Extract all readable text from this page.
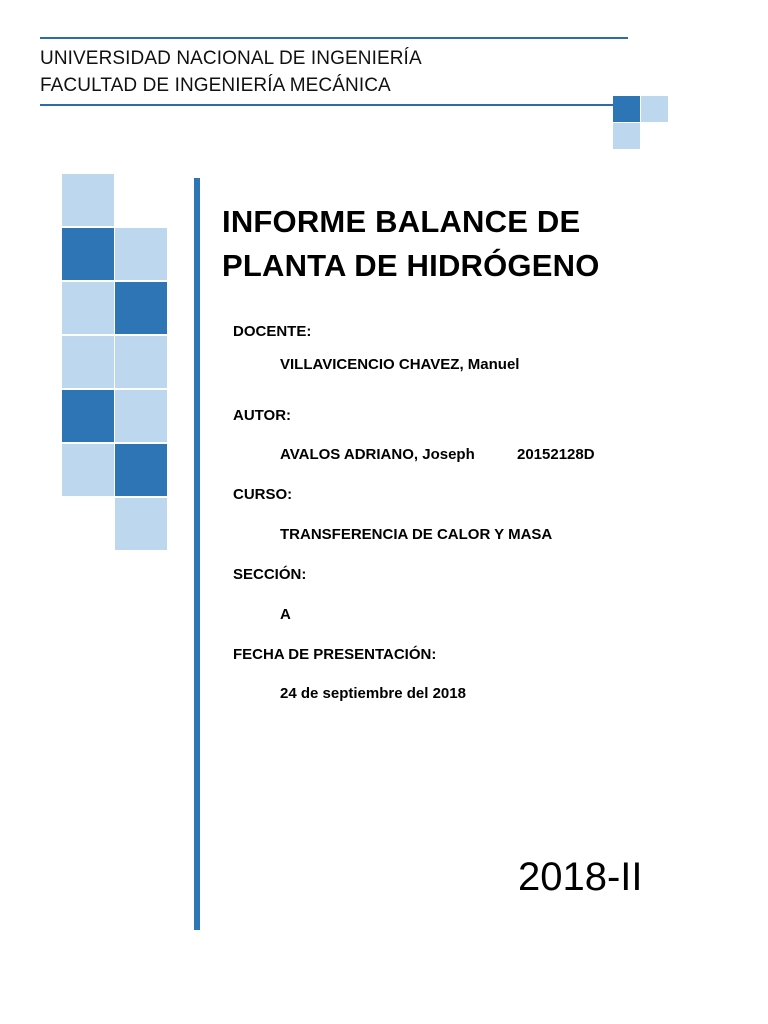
UNIVERSIDAD NACIONAL DE INGENIERÍA
FACULTAD DE INGENIERÍA MECÁNICA
INFORME BALANCE DE
PLANTA DE HIDRÓGENO
DOCENTE:
VILLAVICENCIO CHAVEZ, Manuel
AUTOR:
AVALOS ADRIANO, Joseph	20152128D
CURSO:
TRANSFERENCIA DE CALOR Y MASA
SECCIÓN:
A
FECHA DE PRESENTACIÓN:
24 de septiembre del 2018
2018-II
